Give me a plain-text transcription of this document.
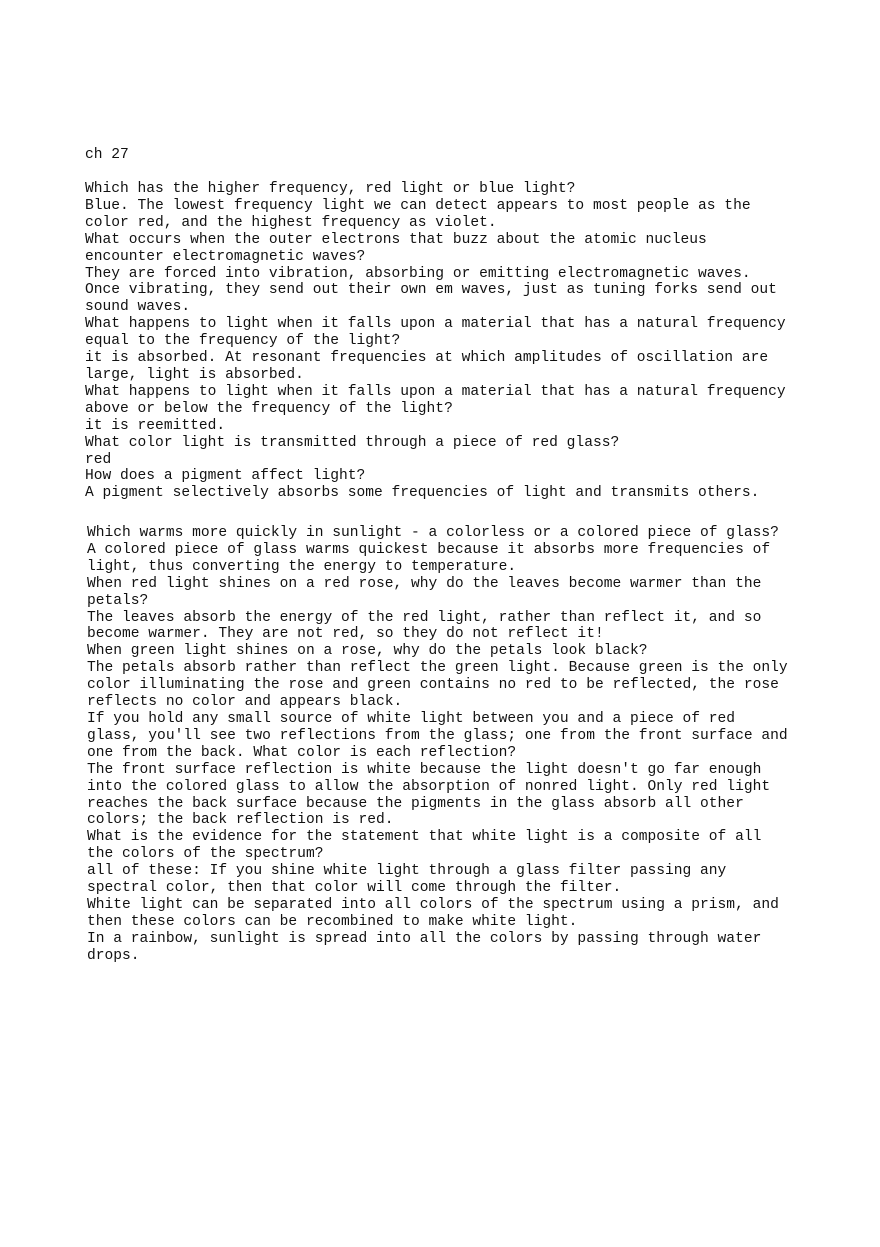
ch 27
Which has the higher frequency, red light or blue light?
Blue. The lowest frequency light we can detect appears to most people as the
color red, and the highest frequency as violet.
What occurs when the outer electrons that buzz about the atomic nucleus
encounter electromagnetic waves?
They are forced into vibration, absorbing or emitting electromagnetic waves.
Once vibrating, they send out their own em waves, just as tuning forks send out
sound waves.
What happens to light when it falls upon a material that has a natural frequency
equal to the frequency of the light?
it is absorbed. At resonant frequencies at which amplitudes of oscillation are
large, light is absorbed.
What happens to light when it falls upon a material that has a natural frequency
above or below the frequency of the light?
it is reemitted.
What color light is transmitted through a piece of red glass?
red
How does a pigment affect light?
A pigment selectively absorbs some frequencies of light and transmits others.
Which warms more quickly in sunlight - a colorless or a colored piece of glass?
A colored piece of glass warms quickest because it absorbs more frequencies of
light, thus converting the energy to temperature.
When red light shines on a red rose, why do the leaves become warmer than the
petals?
The leaves absorb the energy of the red light, rather than reflect it, and so
become warmer. They are not red, so they do not reflect it!
When green light shines on a rose, why do the petals look black?
The petals absorb rather than reflect the green light. Because green is the only
color illuminating the rose and green contains no red to be reflected, the rose
reflects no color and appears black.
If you hold any small source of white light between you and a piece of red
glass, you'll see two reflections from the glass; one from the front surface and
one from the back. What color is each reflection?
The front surface reflection is white because the light doesn't go far enough
into the colored glass to allow the absorption of nonred light. Only red light
reaches the back surface because the pigments in the glass absorb all other
colors; the back reflection is red.
What is the evidence for the statement that white light is a composite of all
the colors of the spectrum?
all of these: If you shine white light through a glass filter passing any
spectral color, then that color will come through the filter.
White light can be separated into all colors of the spectrum using a prism, and
then these colors can be recombined to make white light.
In a rainbow, sunlight is spread into all the colors by passing through water
drops.
